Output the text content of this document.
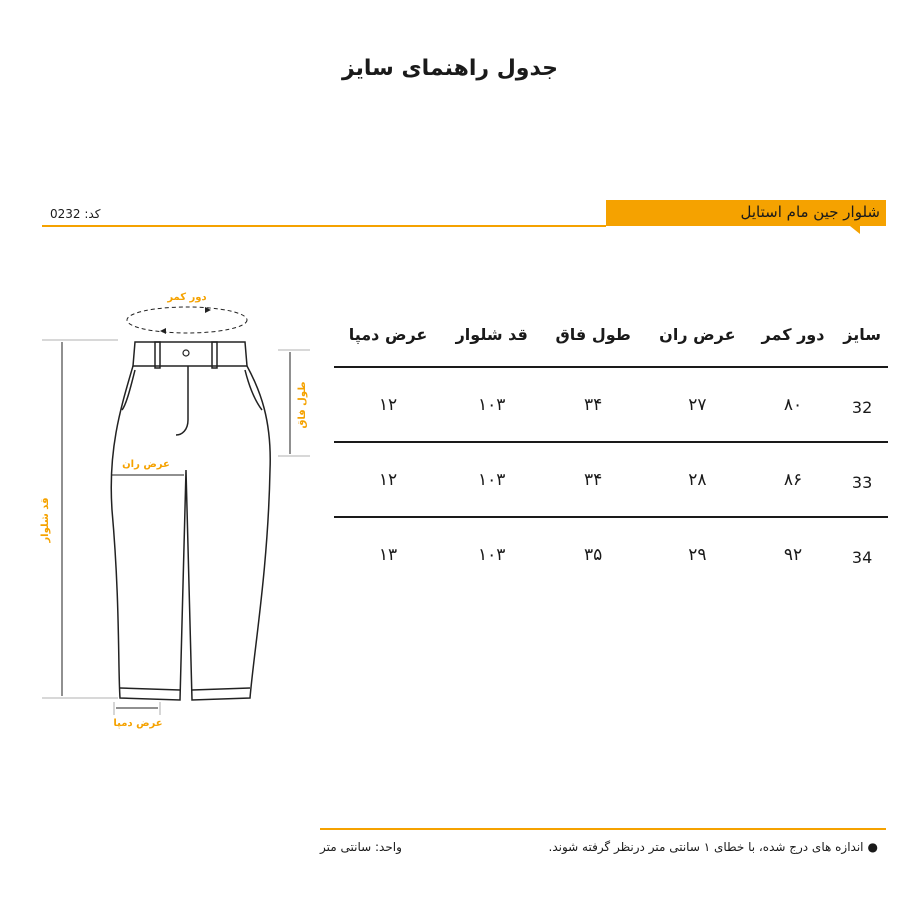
جدول راهنمای سایز
شلوار جین مام استایل
کد: 0232
دور کمر
طول فاق
عرض ران
قد شلوار
عرض دمپا
سایز	دور کمر	عرض ران	طول فاق	قد شلوار	عرض دمپا
32	۸۰	۲۷	۳۴	۱۰۳	۱۲
33	۸۶	۲۸	۳۴	۱۰۳	۱۲
34	۹۲	۲۹	۳۵	۱۰۳	۱۳
●اندازه های درج شده، با خطای ۱ سانتی متر درنظر گرفته شوند.
واحد: سانتی متر
